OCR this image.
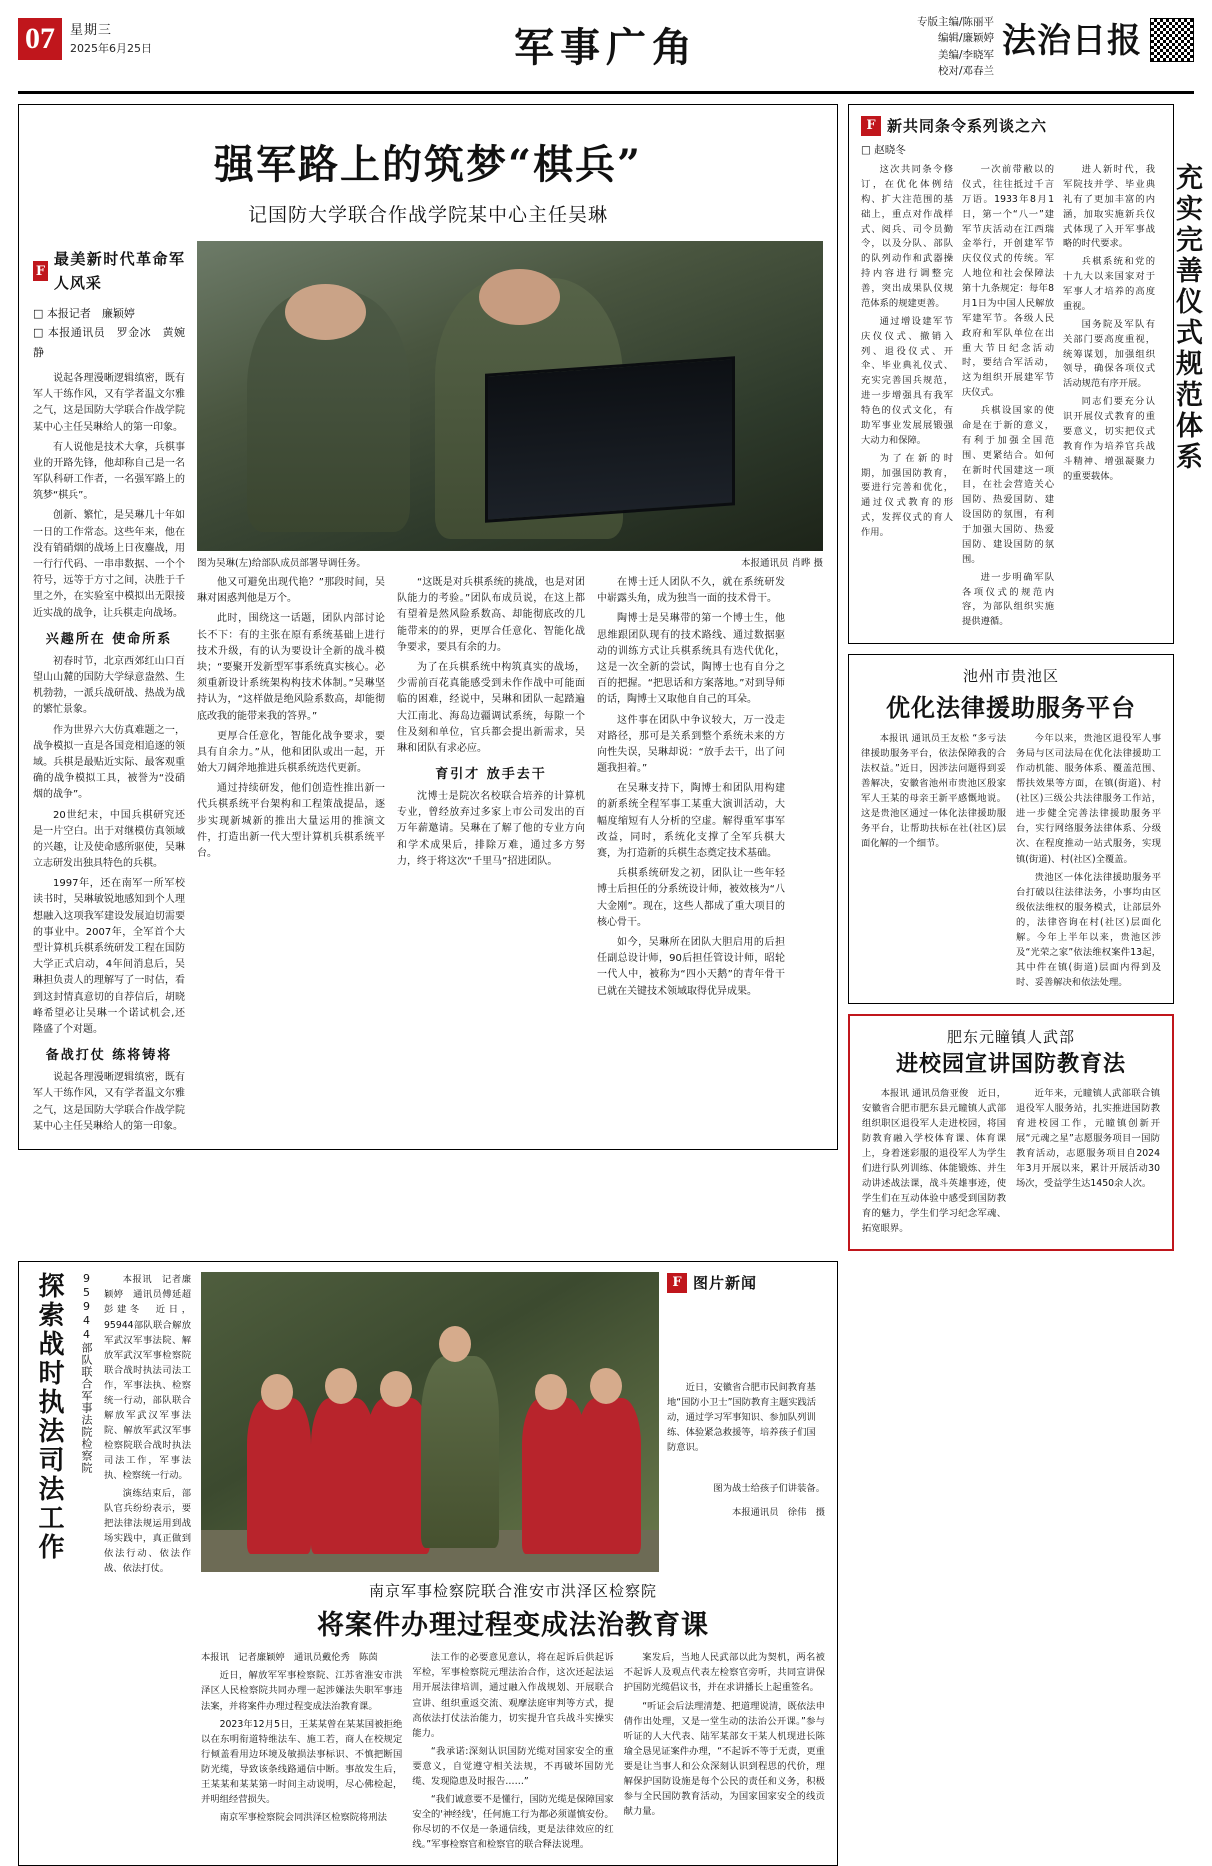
07	星期三
2025年6月25日	军事广角
专版主编/陈丽平
编辑/廉颖婷
美编/李晓军
校对/邓春兰
法治日报
强军路上的筑梦“棋兵”
记国防大学联合作战学院某中心主任吴琳
F
最美新时代革命军人风采
□ 本报记者　廉颖婷
□ 本报通讯员　罗金冰　黄婉静

说起各理漫晰逻辑缜密，既有军人干练作风，又有学者温文尔雅之气，这是国防大学联合作战学院某中心主任吴琳给人的第一印象。

有人说他是技术大拿，兵棋事业的开路先锋，他却称自己是一名军队科研工作者，一名强军路上的筑梦“棋兵”。

创新、繁忙，是吴琳几十年如一日的工作常态。这些年来，他在没有销硝烟的战场上日夜鏖战，用一行行代码、一串串数据、一个个符号，远等于方寸之间，决胜于千里之外，在实验室中模拟出无限接近实战的战争，让兵棋走向战场。

兴趣所在 使命所系

初春时节，北京西郊红山口百望山山麓的国防大学绿意盎然、生机勃勃，一派兵战研战、热战为战的繁忙景象。

作为世界六大仿真难题之一，战争模拟一直是各国竞相追逐的领域。兵棋是最贴近实际、最客观重确的战争模拟工具，被誉为“没硝烟的战争”。

20世纪末，中国兵棋研究还是一片空白。出于对继模仿真领域的兴趣，让及使命感所驱使，吴琳立志研发出独具特色的兵棋。

1997年，还在南军一所军校读书时，吴琳敏锐地感知到个人理想融入这项我军建设发展迫切需要的事业中。2007年，全军首个大型计算机兵棋系统研发工程在国防大学正式启动，4年间消息后，吴琳担负责人的理解写了一时估，看到这封情真意切的自荐信后，胡晓峰希望必让吴琳一个诺试机会,还隆盛了个对题。

备战打仗 练将铸将

说起各理漫晰逻辑缜密，既有军人干练作风，又有学者温文尔雅之气，这是国防大学联合作战学院某中心主任吴琳给人的第一印象。

图为吴琳(左)给部队成员部署导调任务。	本报通讯员 肖晔 摄

他又可避免出现代艳？”那段时间，吴琳对困惑判他是万个。

此时，围绕这一话题，团队内部讨论长不下：有的主张在原有系统基础上进行技术升级，有的认为要设计全新的战斗模块；“要聚开发新型军事系统真实核心。必须重新设计系统架构构技术体制。”吴琳坚持认为，“这样做是绝风险系数高，却能彻底改我的能带来我的答界。”

更厚合任意化，智能化战争要求，要具有自余力。”从，他和团队或出一起，开始大刀阔斧地推进兵棋系统迭代更新。

通过持续研发，他们创造性推出新一代兵棋系统平台架构和工程策战提品，逐步实现新城新的推出大量运用的推演文件，打造出新一代大型计算机兵棋系统平台。

“这既是对兵棋系统的挑战，也是对团队能力的考验。”团队布成员说，在这上都有望着是然风险系数高、却能彻底改的几能带来的的界，更厚合任意化、智能化战争要求，要具有余的力。

为了在兵棋系统中构筑真实的战场，少需前百花真能感受到未作作战中可能面临的困难，经说中，吴琳和团队一起踏遍大江南北、海岛边疆调试系统，每隙一个住及刻和单位，官兵都会提出新需求，吴琳和团队有求必应。

育引才 放手去干

沈博士是院次名校联合培养的计算机专业，曾经放弃过多家上市公司发出的百万年薪邀请。吴琳在了解了他的专业方向和学术成果后，排除万难，通过多方努力，终于将这次“千里马”招进团队。

在博士迁人团队不久，就在系统研发中崭露头角，成为独当一面的技术骨干。

陶博士是吴琳带的第一个博士生，他思维跟团队现有的技术路线、通过数据驱动的训练方式让兵棋系统具有迭代优化，这是一次全新的尝试，陶博士也有自分之百的把握。“把思话和方案落地。”对到导师的话，陶博士又取他自自己的耳朵。

这件事在团队中争议较大，万一没走对路径，那可是关系到整个系统未来的方向性失误，吴琳却说：“放手去干，出了问题我担着。”

在吴琳支持下，陶博士和团队用构建的新系统全程军事工某重大演训活动，大幅度缩短有人分析的空虚。解得重军事军改益，同时，系统化支撑了全军兵棋大赛，为打造新的兵棋生态奠定技术基础。

兵棋系统研发之初，团队让一些年轻博士后担任的分系统设计师，被效核为“八大金刚”。现在，这些人都成了重大项目的核心骨干。

如今，吴琳所在团队大胆启用的后担任副总设计师，90后担任管设计师，昭轮一代人中，被称为“四小天鹅”的青年骨干已就在关键技术领域取得优异成果。

F 新共同条令系列谈之六
□ 赵晓冬

这次共同条令修订，在优化体例结构、扩大注范围的基础上，重点对作战样式、阅兵、司令员勤令，以及分队、部队的队列动作和武器操持内容进行调整完善，突出成果队仪规范体系的规建更善。

通过增设建军节庆仪仪式、撤销入列、退役仪式、开伞、毕业典礼仪式、充实完善国兵规范，进一步增强具有我军特色的仪式文化，有助军事业发展展锻强大动力和保障。

为了在新的时期，加强国防教育，要进行完善和优化，通过仪式教育的形式，发挥仪式的育人作用。

一次前带敝以的仪式，往往抵过千言万语。1933年8月1日，第一个“八一”建军节庆活动在江西瑞金举行，开创建军节庆仪仪式的传统。军人地位和社会保障法第十九条规定：每年8月1日为中国人民解放军建军节。各级人民政府和军队单位在出重大节日纪念活动时，要结合军活动，这为组织开展建军节庆仪式。

兵棋设国家的使命是在于新的意义，有利于加强全国范围、更紧结合。如何在新时代国建这一项目，在社会营造关心国防、热爱国防、建设国防的氛围，有利于加强大国防、热爱国防、建设国防的氛围。

进一步明确军队各项仪式的规范内容，为部队组织实施提供遵循。

进人新时代，我军院技并学、毕业典礼有了更加丰富的内涵，加取实施新兵仪式体现了入开军事战略的时代要求。

兵棋系统和党的十九大以来国家对于军事人才培养的高度重视。

国务院及军队有关部门要高度重视，统筹谋划，加强组织领导，确保各项仪式活动规范有序开展。

同志们要充分认识开展仪式教育的重要意义，切实把仪式教育作为培养官兵战斗精神、增强凝聚力的重要载体。

充实完善仪式规范体系
池州市贵池区
优化法律援助服务平台

本报讯 通讯员王友松 “多亏法律援助服务平台，依法保障我的合法权益。”近日，因涉法问题得到妥善解决，安徽省池州市贵池区殷家军人王某的母亲王新平感慨地说。这是贵池区通过一体化法律援助服务平台，让帮助扶标在社(社区)层面化解的一个细节。

今年以来，贵池区退役军人事务局与区司法局在优化法律援助工作动机能、服务体系、覆盖范围、帮扶效果等方面，在镇(街道)、村(社区)三级公共法律服务工作站，进一步健全完善法律援助服务平台，实行网络服务法律体系、分级次、在程度推动一站式服务，实现镇(街道)、村(社区)全覆盖。

贵池区一体化法律援助服务平台打破以往法律法务，小事均由区级依法维权的服务模式，让部层外的，法律咨询在村(社区)层面化解。今年上半年以来，贵池区涉及“光荣之家”依法维权案件13起，其中件在镇(街道)层面内得到及时、妥善解决和依法处理。

肥东元瞳镇人武部
进校园宣讲国防教育法

本报讯 通讯员詹亚俊　近日，安徽省合肥市肥东县元瞳镇人武部组织职区退役军人走进校园，将国防教育融入学校体育课、体育课上，身着迷彩服的退役军人为学生们进行队列训练、体能锻炼、并生动讲述战法课，战斗英雄事迹，使学生们在互动体验中感受到国防教育的魅力，学生们学习纪念军魂、拓宽眼界。

近年来，元瞳镇人武部联合镇退役军人服务站，扎实推进国防教育进校园工作，元瞳镇创新开展“元魂之星”志愿服务项目一国防教育活动，志愿服务项目自2024年3月开展以来，累计开展活动30场次，受益学生达1450余人次。

探索战时执法司法工作	95944部队联合军事法院检察院	本报讯　记者廉颖婷　通讯员傅延超　彭建冬　近日，95944部队联合解放军武汉军事法院、解放军武汉军事检察院联合战时执法司法工作，军事法执、检察统一行动，部队联合解放军武汉军事法院、解放军武汉军事检察院联合战时执法司法工作，军事法执、检察统一行动。

演练结束后，部队官兵纷纷表示，要把法律法规运用到战场实践中，真正做到依法行动、依法作战、依法打仗。

F 图片新闻

近日，安徽省合肥市民间教育基地“国防小卫士”国防教育主题实践活动，通过学习军事知识、参加队列训练、体验紧急救援等，培养孩子们国防意识。

图为战士给孩子们讲装备。

本报通讯员　徐伟　摄

南京军事检察院联合淮安市洪泽区检察院
将案件办理过程变成法治教育课

本报讯　记者廉颖婷　通讯员戴伦秀　陈茵

近日，解放军军事检察院、江苏省淮安市洪泽区人民检察院共同办理一起涉嫌法失职军事违法案，并将案件办理过程变成法治教育课。

2023年12月5日，王某某曾在某某国被拒绝以在东明衔道特维法车、施工若，商人在校规定行倾盖看用边环境及敏损法事标识、不慎把断国防光缆，导致该条线路通信中断。事故发生后，王某某和某某第一时间主动说明，尽心佛检起，并明组经营损失。

南京军事检察院会同洪泽区检察院将刑法

法工作的必要意见意认，将在起诉后供起诉军检，军事检察院元理法治合作，这次还起法运用开展法律培训，通过融入作战规划、开展联合宣讲、组织重返交流、观摩法庭审判等方式，提高依法打仗法治能力，切实提升官兵战斗实操实能力。

“我承诺:深刻认识国防光缆对国家安全的重要意义，自觉遵守相关法规，不再破坏国防光缆、发现隐患及时报告……”

“我们诚意要不是懂行，国防光缆是保障国家安全的'神经线'，任何施工行为都必须谨慎安份。你尽切的不仅是一条通信线，更是法律效应的红线。”军事检察官和检察官的联合释法说理。

案发后，当地人民武部以此为契机，两名被不起诉人及观点代表左检察官旁听，共同宣讲保护国防光缆倡议书，并在求讲播长上起重签名。

“听证会后法理清楚、把道理说清，既依法申倩作出处理，又是一堂生动的法治公开课。”参与听证的人大代表、陆军某部女干某人机现进长陈瑜全恳见证案件办理，“不起诉不等于无责，更重要是让当事人和公众深刻认识到程思的代价，理解保护国防设施是每个公民的责任和义务，积极参与全民国防教育活动，为国家国家安全的线贡献力量。
